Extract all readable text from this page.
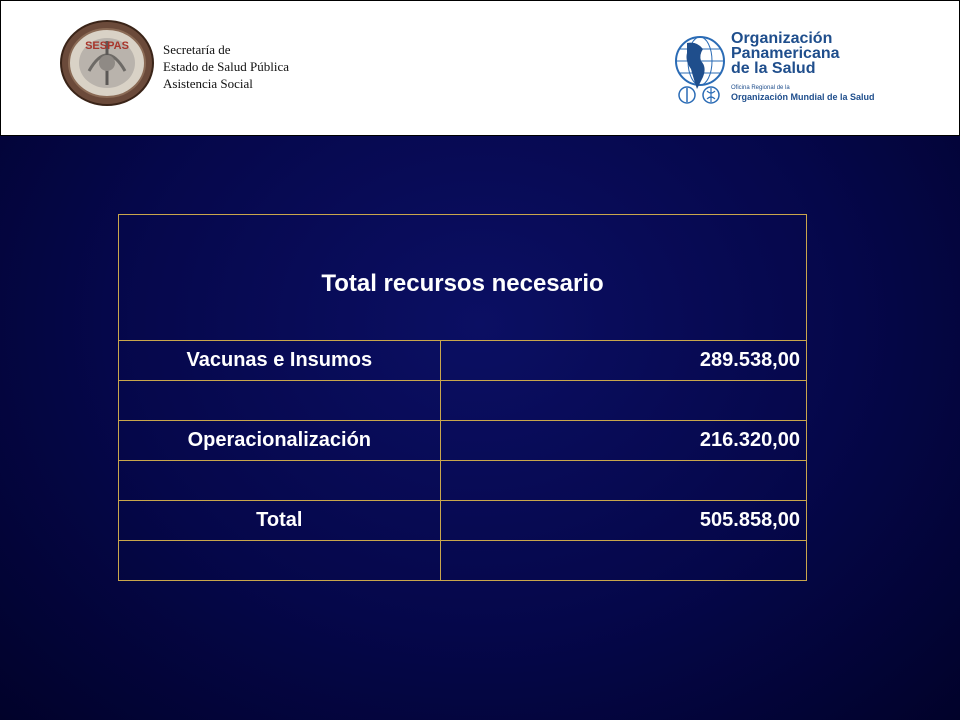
SESPAS	Secretaría de
Estado de Salud Pública
Asistencia Social
Organización
Panamericana
de la Salud
Oficina Regional de la
Organización Mundial de la Salud
Total recursos necesario	
Vacunas e Insumos	289.538,00

Operacionalización	216.320,00

Total	505.858,00
